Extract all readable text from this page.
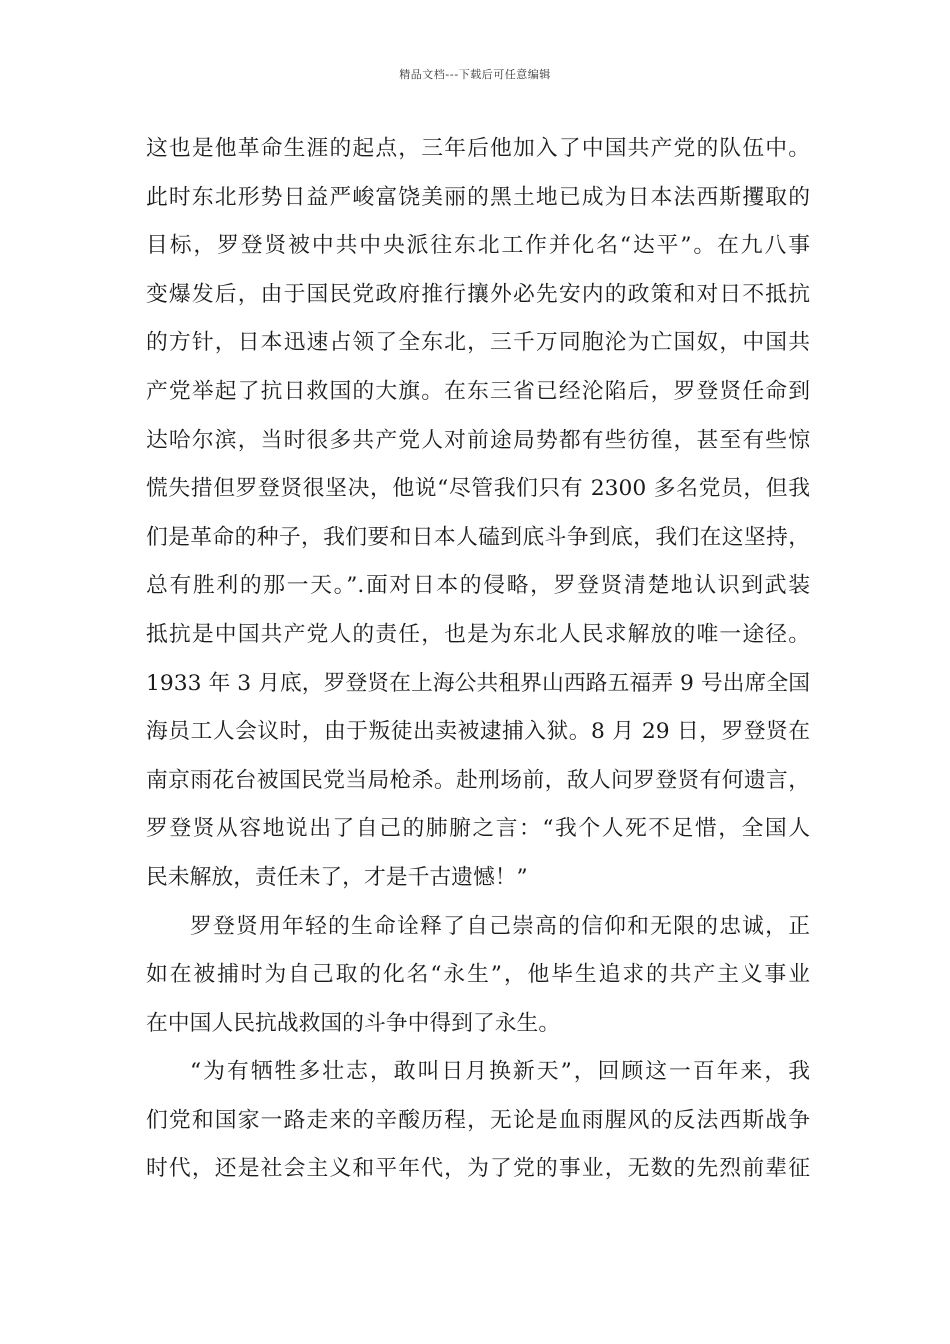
精品文档---下载后可任意编辑
这也是他革命生涯的起点，三年后他加入了中国共产党的队伍中。
此时东北形势日益严峻富饶美丽的黑土地已成为日本法西斯攫取的
目标，罗登贤被中共中央派往东北工作并化名“达平”。在九八事
变爆发后，由于国民党政府推行攘外必先安内的政策和对日不抵抗
的方针，日本迅速占领了全东北，三千万同胞沦为亡国奴，中国共
产党举起了抗日救国的大旗。在东三省已经沦陷后，罗登贤任命到
达哈尔滨，当时很多共产党人对前途局势都有些彷徨，甚至有些惊
慌失措但罗登贤很坚决，他说“尽管我们只有 2300 多名党员，但我
们是革命的种子，我们要和日本人磕到底斗争到底，我们在这坚持，
总有胜利的那一天。”.面对日本的侵略，罗登贤清楚地认识到武装
抵抗是中国共产党人的责任，也是为东北人民求解放的唯一途径。
1933 年 3 月底，罗登贤在上海公共租界山西路五福弄 9 号出席全国
海员工人会议时，由于叛徒出卖被逮捕入狱。8 月 29 日，罗登贤在
南京雨花台被国民党当局枪杀。赴刑场前，敌人问罗登贤有何遗言，
罗登贤从容地说出了自己的肺腑之言：“我个人死不足惜，全国人
民未解放，责任未了，才是千古遗憾！”
罗登贤用年轻的生命诠释了自己崇高的信仰和无限的忠诚，正
如在被捕时为自己取的化名“永生”，他毕生追求的共产主义事业
在中国人民抗战救国的斗争中得到了永生。
“为有牺牲多壮志，敢叫日月换新天”，回顾这一百年来，我
们党和国家一路走来的辛酸历程，无论是血雨腥风的反法西斯战争
时代，还是社会主义和平年代，为了党的事业，无数的先烈前辈征
